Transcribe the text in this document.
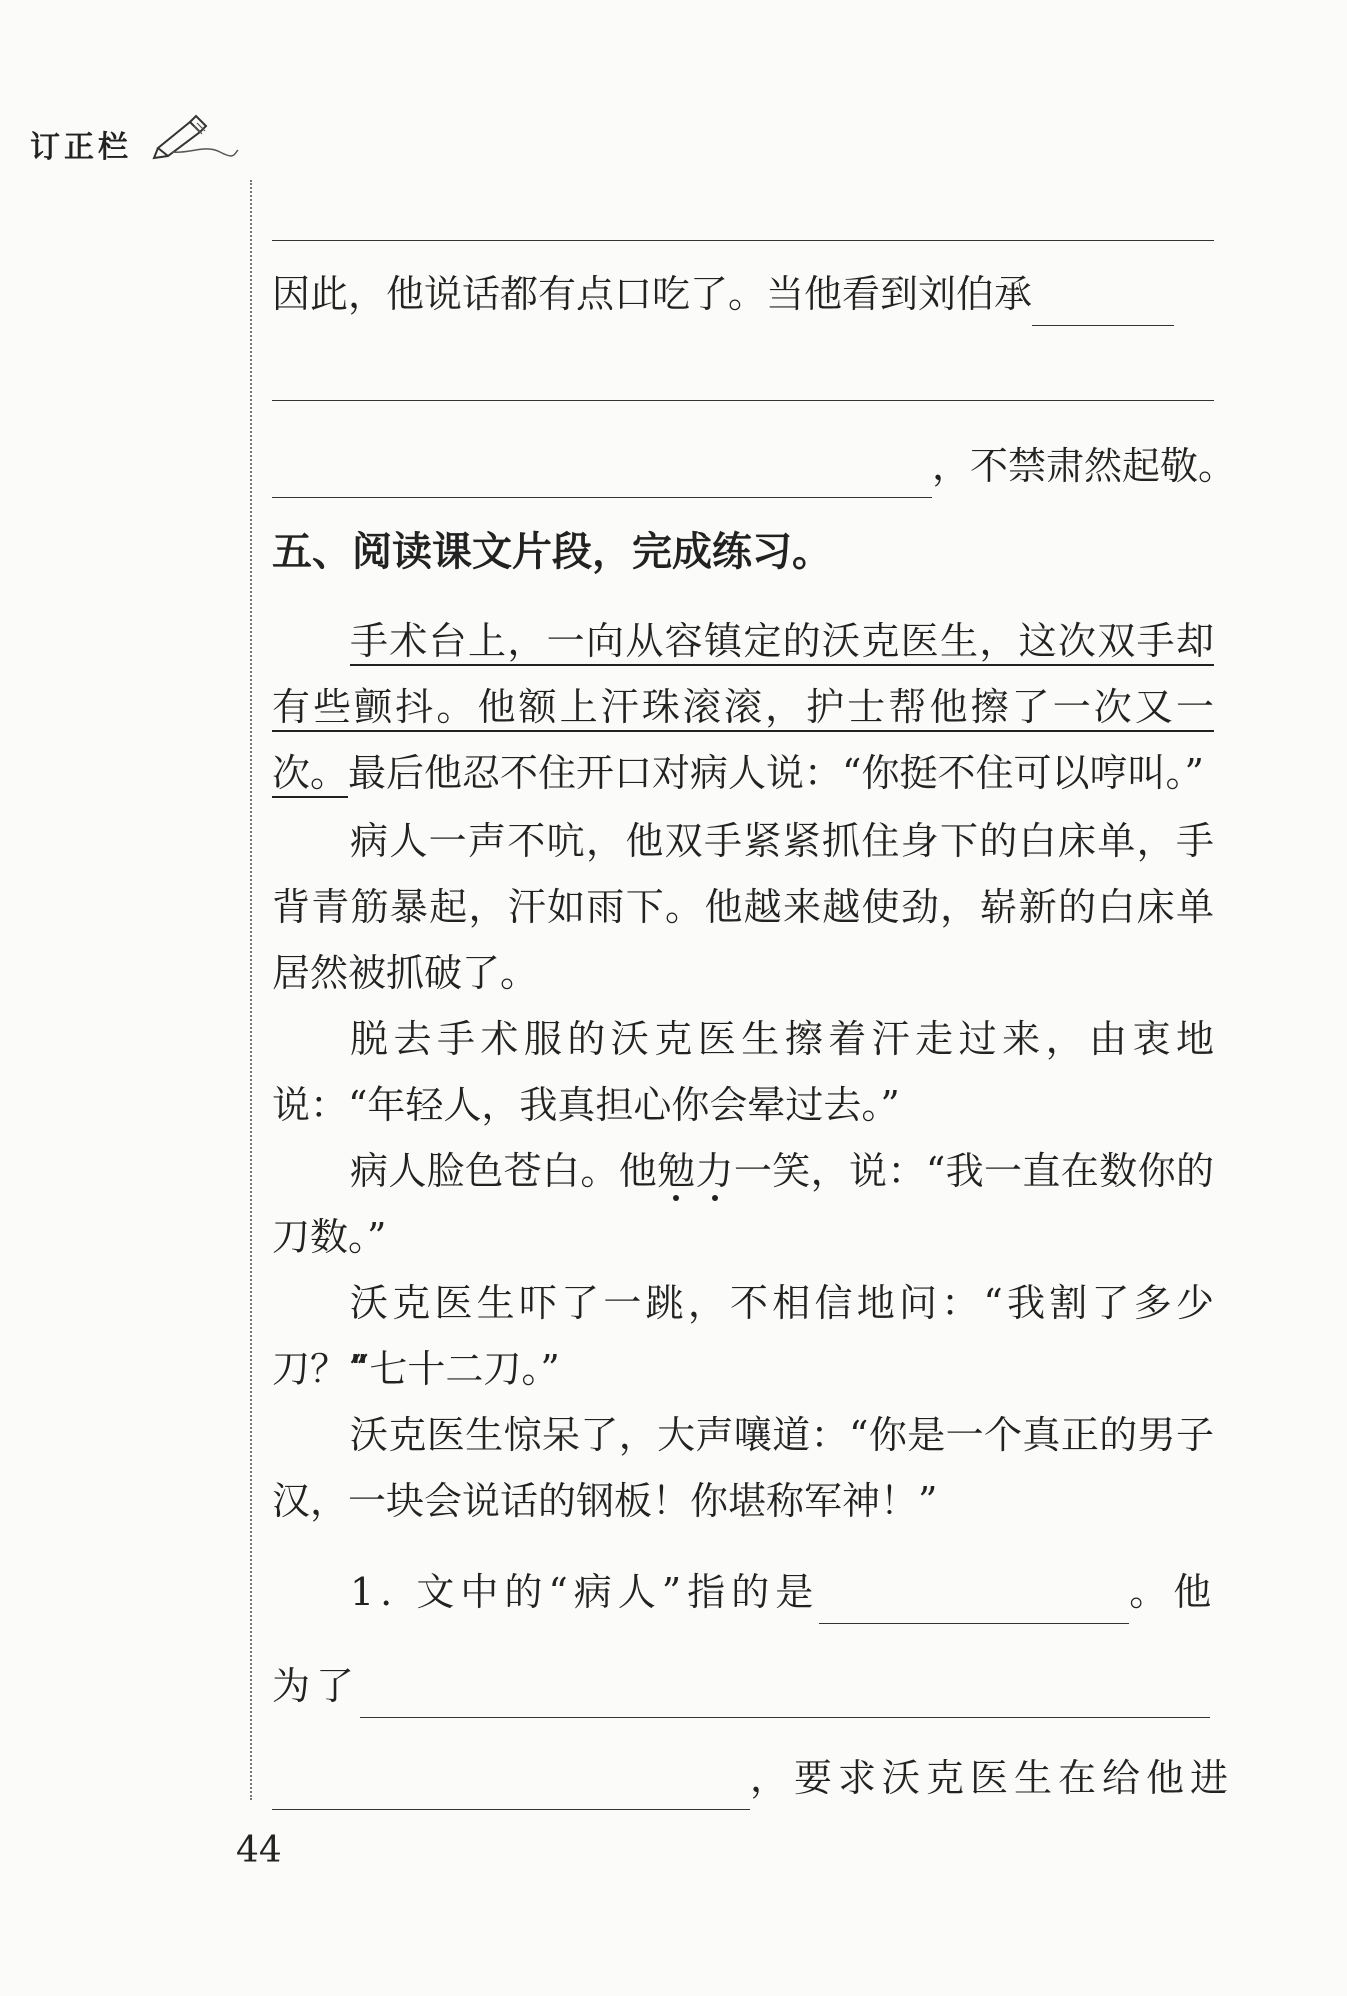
订正栏
因此，他说话都有点口吃了。当他看到刘伯承
，不禁肃然起敬。
五、阅读课文片段，完成练习。
手术台上，一向从容镇定的沃克医生，这次双手却有些颤抖。他额上汗珠滚滚，护士帮他擦了一次又一次。最后他忍不住开口对病人说：“你挺不住可以哼叫。”
病人一声不吭，他双手紧紧抓住身下的白床单，手背青筋暴起，汗如雨下。他越来越使劲，崭新的白床单居然被抓破了。
脱去手术服的沃克医生擦着汗走过来，由衷地说：“年轻人，我真担心你会晕过去。”
病人脸色苍白。他勉力一笑，说：“我一直在数你的刀数。”
沃克医生吓了一跳，不相信地问：“我割了多少刀？”
“七十二刀。”
沃克医生惊呆了，大声嚷道：“你是一个真正的男子汉，一块会说话的钢板！你堪称军神！”
1. 文中的“病人”指的是	。他
为了
，要求沃克医生在给他进
44
